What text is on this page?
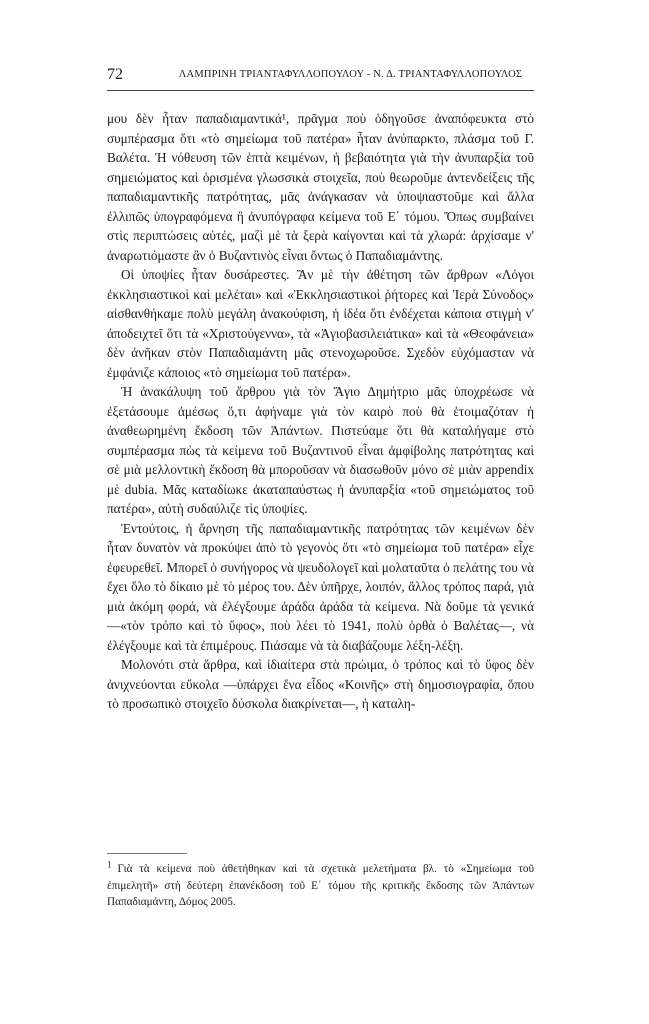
72	ΛΑΜΠΡΙΝΗ ΤΡΙΑΝΤΑΦΥΛΛΟΠΟΥΛΟΥ - Ν. Δ. ΤΡΙΑΝΤΑΦΥΛΛΟΠΟΥΛΟΣ

μου δὲν ἦταν παπαδιαμαντικά¹, πρᾶγμα ποὺ ὁδηγοῦσε ἀναπόφευκτα στὸ συμπέρασμα ὅτι «τὸ σημείωμα τοῦ πατέρα» ἦταν ἀνύπαρκτο, πλάσμα τοῦ Γ. Βαλέτα. Ἡ νόθευση τῶν ἑπτὰ κειμένων, ἡ βεβαιότητα γιὰ τὴν ἀνυπαρξία τοῦ σημειώματος καὶ ὁρισμένα γλωσσικὰ στοιχεῖα, ποὺ θεωροῦμε ἀντενδείξεις τῆς παπαδιαμαντικῆς πατρότητας, μᾶς ἀνάγκασαν νὰ ὑποψιαστοῦμε καὶ ἄλλα ἐλλιπῶς ὑπογραφόμενα ἢ ἀνυπόγραφα κείμενα τοῦ Ε΄ τόμου. Ὅπως συμβαίνει στὶς περιπτώσεις αὐτές, μαζὶ μὲ τὰ ξερὰ καίγονται καὶ τὰ χλωρά: ἀρχίσαμε ν' ἀναρωτιόμαστε ἂν ὁ Βυζαντινὸς εἶναι ὄντως ὁ Παπαδιαμάντης.

Οἱ ὑποψίες ἦταν δυσάρεστες. Ἂν μὲ τὴν ἀθέτηση τῶν ἄρθρων «Λόγοι ἐκκλησιαστικοὶ καὶ μελέται» καὶ «Ἐκκλησιαστικοὶ ῥήτορες καὶ Ἱερὰ Σύνοδος» αἰσθανθήκαμε πολὺ μεγάλη ἀνακούφιση, ἡ ἰδέα ὅτι ἐνδέχεται κάποια στιγμὴ ν' ἀποδειχτεῖ ὅτι τὰ «Χριστούγεννα», τὰ «Ἁγιοβασιλειάτικα» καὶ τὰ «Θεοφάνεια» δὲν ἀνῆκαν στὸν Παπαδιαμάντη μᾶς στενοχωροῦσε. Σχεδὸν εὐχόμασταν νὰ ἐμφάνιζε κάποιος «τὸ σημείωμα τοῦ πατέρα».

Ἡ ἀνακάλυψη τοῦ ἄρθρου γιὰ τὸν Ἅγιο Δημήτριο μᾶς ὑποχρέωσε νὰ ἐξετάσουμε ἀμέσως ὅ,τι ἀφήναμε γιὰ τὸν καιρὸ ποὺ θὰ ἑτοιμαζόταν ἡ ἀναθεωρημένη ἔκδοση τῶν Ἁπάντων. Πιστεύαμε ὅτι θὰ καταλήγαμε στὸ συμπέρασμα πὼς τὰ κείμενα τοῦ Βυζαντινοῦ εἶναι ἀμφίβολης πατρότητας καὶ σὲ μιὰ μελλοντικὴ ἔκδοση θὰ μποροῦσαν νὰ διασωθοῦν μόνο σὲ μιὰν appendix μὲ dubia. Μᾶς καταδίωκε ἀκαταπαύστως ἡ ἀνυπαρξία «τοῦ σημειώματος τοῦ πατέρα», αὐτὴ συδαύλιζε τὶς ὑποψίες.

Ἐντούτοις, ἡ ἄρνηση τῆς παπαδιαμαντικῆς πατρότητας τῶν κειμένων δὲν ἦταν δυνατὸν νὰ προκύψει ἀπὸ τὸ γεγονὸς ὅτι «τὸ σημείωμα τοῦ πατέρα» εἶχε ἐφευρεθεῖ. Μπορεῖ ὁ συνήγορος νὰ ψευδολογεῖ καὶ μολαταῦτα ὁ πελάτης του νὰ ἔχει ὅλο τὸ δίκαιο μὲ τὸ μέρος του. Δὲν ὑπῆρχε, λοιπόν, ἄλλος τρόπος παρά, γιὰ μιὰ ἀκόμη φορά, νὰ ἐλέγξουμε ἀράδα ἀράδα τὰ κείμενα. Νὰ δοῦμε τὰ γενικά —«τὸν τρόπο καὶ τὸ ὕφος», ποὺ λέει τὸ 1941, πολὺ ὀρθὰ ὁ Βαλέτας—, νὰ ἐλέγξουμε καὶ τὰ ἐπιμέρους. Πιάσαμε νὰ τὰ διαβάζουμε λέξη-λέξη.

Μολονότι στὰ ἄρθρα, καὶ ἰδιαίτερα στὰ πρώιμα, ὁ τρόπος καὶ τὸ ὕφος δὲν ἀνιχνεύονται εὔκολα —ὑπάρχει ἕνα εἶδος «Κοινῆς» στὴ δημοσιογραφία, ὅπου τὸ προσωπικὸ στοιχεῖο δύσκολα διακρίνεται—, ἡ καταλη-

$^1$ Γιὰ τὰ κείμενα ποὺ ἀθετήθηκαν καὶ τὰ σχετικὰ μελετήματα βλ. τὸ «Σημείωμα τοῦ ἐπιμελητῆ» στὴ δεύτερη ἐπανέκδοση τοῦ Ε΄ τόμου τῆς κριτικῆς ἔκδοσης τῶν Ἁπάντων Παπαδιαμάντη, Δόμος 2005.
